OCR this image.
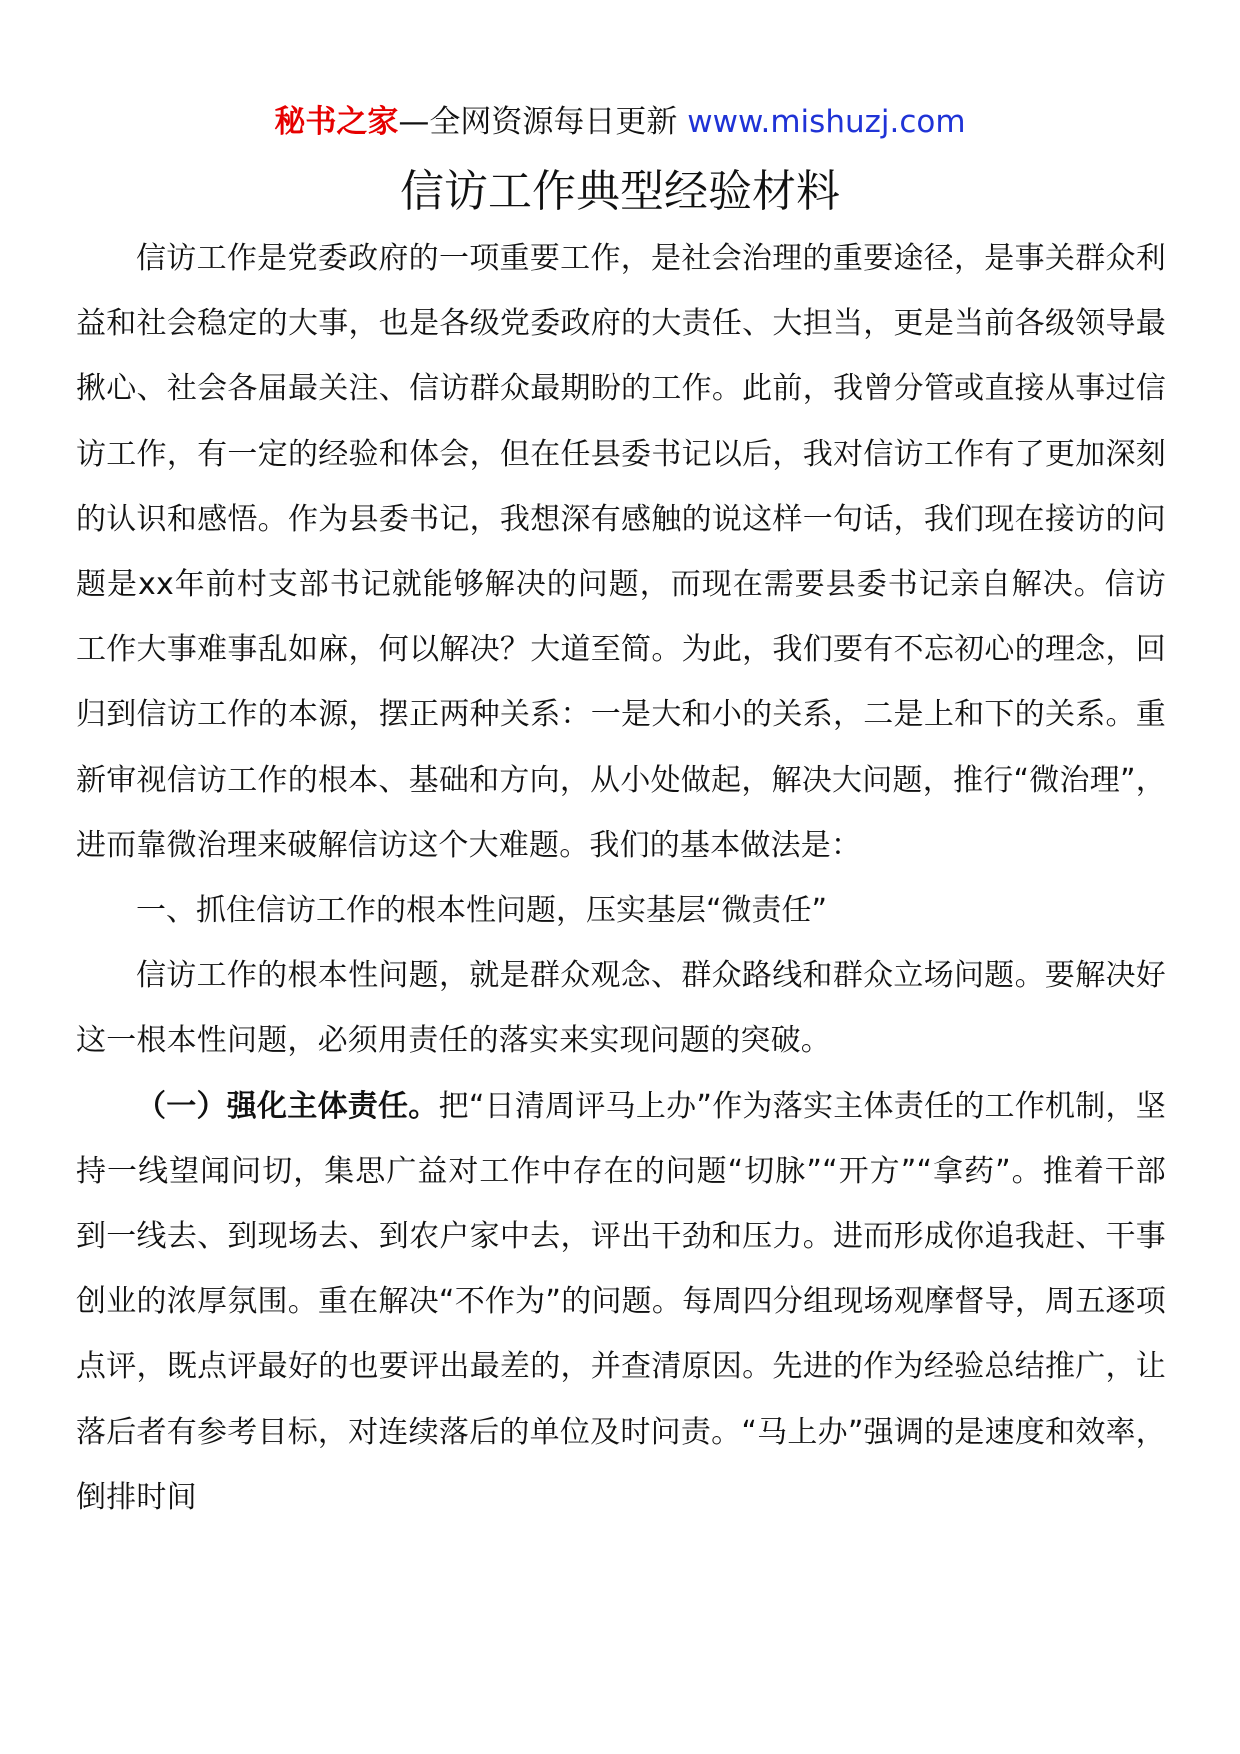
秘书之家—全网资源每日更新 www.mishuzj.com
信访工作典型经验材料

信访工作是党委政府的一项重要工作，是社会治理的重要途径，是事关群众利益和社会稳定的大事，也是各级党委政府的大责任、大担当，更是当前各级领导最揪心、社会各届最关注、信访群众最期盼的工作。此前，我曾分管或直接从事过信访工作，有一定的经验和体会，但在任县委书记以后，我对信访工作有了更加深刻的认识和感悟。作为县委书记，我想深有感触的说这样一句话，我们现在接访的问题是xx年前村支部书记就能够解决的问题，而现在需要县委书记亲自解决。信访工作大事难事乱如麻，何以解决？大道至简。为此，我们要有不忘初心的理念，回归到信访工作的本源，摆正两种关系：一是大和小的关系，二是上和下的关系。重新审视信访工作的根本、基础和方向，从小处做起，解决大问题，推行“微治理”，进而靠微治理来破解信访这个大难题。我们的基本做法是：

一、抓住信访工作的根本性问题，压实基层“微责任”

信访工作的根本性问题，就是群众观念、群众路线和群众立场问题。要解决好这一根本性问题，必须用责任的落实来实现问题的突破。

（一）强化主体责任。把“日清周评马上办”作为落实主体责任的工作机制，坚持一线望闻问切，集思广益对工作中存在的问题“切脉”“开方”“拿药”。推着干部到一线去、到现场去、到农户家中去，评出干劲和压力。进而形成你追我赶、干事创业的浓厚氛围。重在解决“不作为”的问题。每周四分组现场观摩督导，周五逐项点评，既点评最好的也要评出最差的，并查清原因。先进的作为经验总结推广，让落后者有参考目标，对连续落后的单位及时问责。“马上办”强调的是速度和效率，倒排时间
